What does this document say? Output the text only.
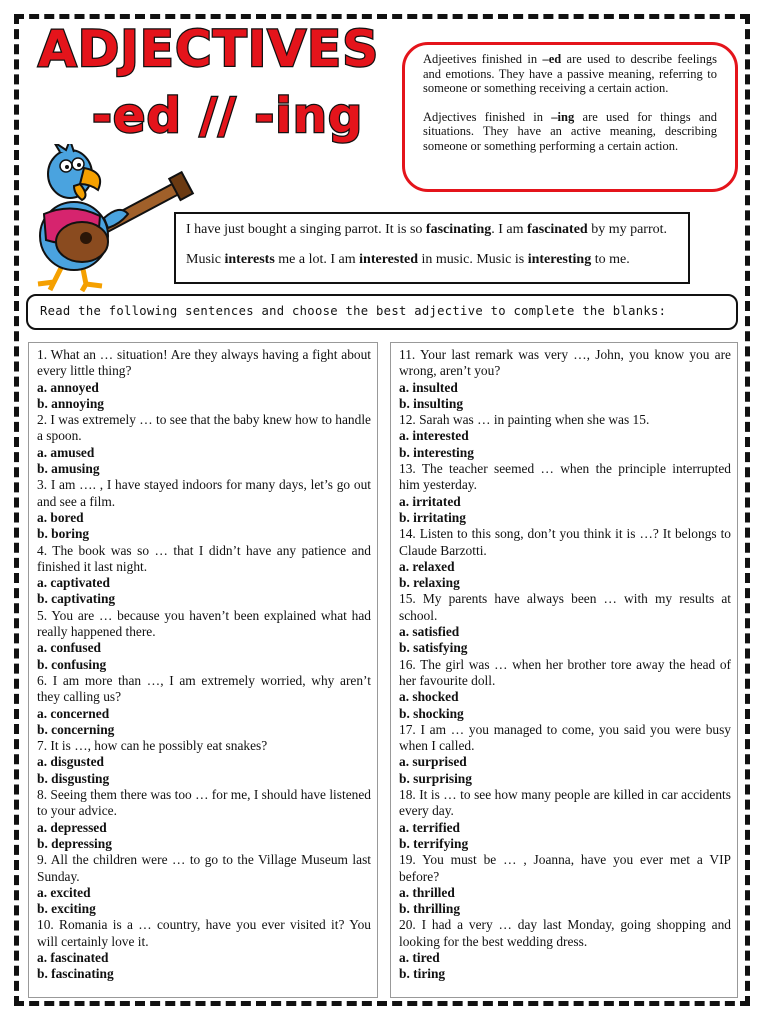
ADJECTIVES
-ed // -ing

Adjeetives finished in –ed are used to describe feelings and emotions. They have a passive meaning, referring to someone or something receiving a certain action.

Adjectives finished in –ing are used for things and situations. They have an active meaning, describing someone or something performing a certain action.

I have just bought a singing parrot. It is so fascinating. I am fascinated by my parrot.

Music interests me a lot. I am interested in music. Music is interesting to me.

Read the following sentences and choose the best adjective to complete the blanks:

1. What an … situation! Are they always having a fight about every little thing?

a. annoyed

b. annoying

2. I was extremely … to see that the baby knew how to handle a spoon.

a. amused

b. amusing

3. I am …. , I have stayed indoors for many days, let’s go out and see a film.

a. bored

b. boring

4. The book was so … that I didn’t have any patience and finished it last night.

a. captivated

b. captivating

5. You are … because you haven’t been explained what had really happened there.

a. confused

b. confusing

6. I am more than …, I am extremely worried, why aren’t they calling us?

a. concerned

b. concerning

7. It is …, how can he possibly eat snakes?

a. disgusted

b. disgusting

8. Seeing them there was too … for me, I should have listened to your advice.

a. depressed

b. depressing

9. All the children were … to go to the Village Museum last Sunday.

a. excited

b. exciting

10. Romania is a … country, have you ever visited it? You will certainly love it.

a. fascinated

b. fascinating

11. Your last remark was very …, John, you know you are wrong, aren’t you?

a. insulted

b. insulting

12. Sarah was … in painting when she was 15.

a. interested

b. interesting

13. The teacher seemed … when the principle interrupted him yesterday.

a. irritated

b. irritating

14. Listen to this song, don’t you think it is …? It belongs to Claude Barzotti.

a. relaxed

b. relaxing

15. My parents have always been … with my results at school.

a. satisfied

b. satisfying

16. The girl was … when her brother tore away the head of her favourite doll.

a. shocked

b. shocking

17. I am … you managed to come, you said you were busy when I called.

a. surprised

b. surprising

18. It is … to see how many people are killed in car accidents every day.

a. terrified

b. terrifying

19. You must be … , Joanna, have you ever met a VIP before?

a. thrilled

b. thrilling

20. I had a very … day last Monday, going shopping and looking for the best wedding dress.

a. tired

b. tiring
